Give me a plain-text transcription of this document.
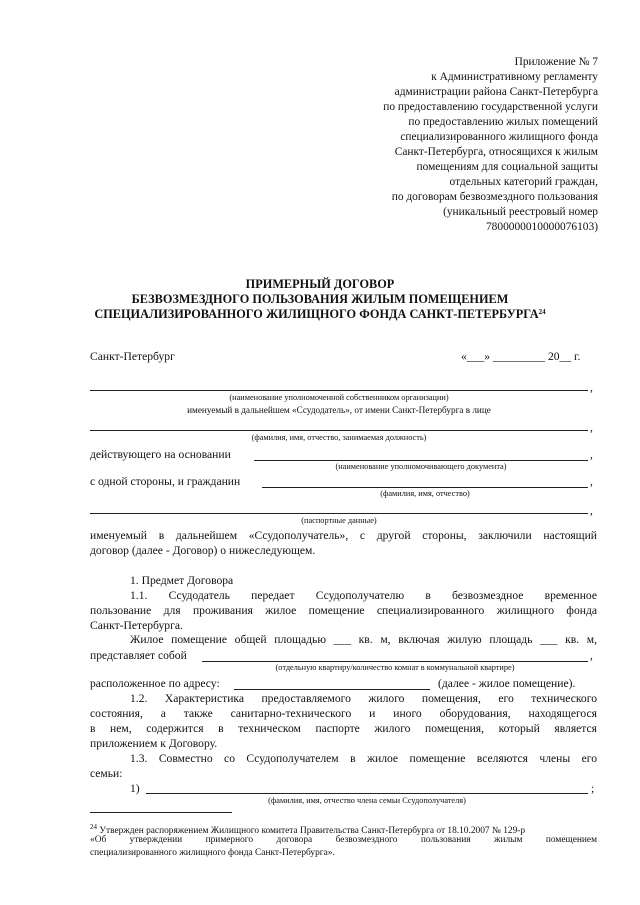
Приложение № 7
к Административному регламенту
администрации района Санкт-Петербурга
по предоставлению государственной услуги
по предоставлению жилых помещений
специализированного жилищного фонда
Санкт-Петербурга, относящихся к жилым
помещениям для социальной защиты
отдельных категорий граждан,
по договорам безвозмездного пользования
(уникальный реестровый номер
7800000010000076103)
ПРИМЕРНЫЙ ДОГОВОР
БЕЗВОЗМЕЗДНОГО ПОЛЬЗОВАНИЯ ЖИЛЫМ ПОМЕЩЕНИЕМ
СПЕЦИАЛИЗИРОВАННОГО ЖИЛИЩНОГО ФОНДА САНКТ-ПЕТЕРБУРГА$^{24}$
Санкт-Петербург	«___» _________ 20__ г.
,
(наименование уполномоченной собственником организации)
именуемый в дальнейшем «Ссудодатель», от имени Санкт-Петербурга в лице
,
(фамилия, имя, отчество, занимаемая должность)
действующего на основании	,
(наименование уполномочивающего документа)
с одной стороны, и гражданин	,
(фамилия, имя, отчество)
,
(паспортные данные)
именуемый в дальнейшем «Ссудополучатель», с другой стороны, заключили настоящий
договор (далее - Договор) о нижеследующем.
1. Предмет Договора
1.1. Ссудодатель передает Ссудополучателю в безвозмездное временное
пользование для проживания жилое помещение специализированного жилищного фонда
Санкт-Петербурга.
Жилое помещение общей площадью ___ кв. м, включая жилую площадь ___ кв. м,
представляет собой	,
(отдельную квартиру/количество комнат в коммунальной квартире)
расположенное по адресу:	(далее - жилое помещение).
1.2. Характеристика предоставляемого жилого помещения, его технического
состояния, а также санитарно-технического и иного оборудования, находящегося
в нем, содержится в техническом паспорте жилого помещения, который является
приложением к Договору.
1.3. Совместно со Ссудополучателем в жилое помещение вселяются члены его
семьи:
1)	;
(фамилия, имя, отчество члена семьи Ссудополучателя)
$^{24}$ Утвержден распоряжением Жилищного комитета Правительства Санкт-Петербурга от 18.10.2007 № 129-р
«Об утверждении примерного договора безвозмездного пользования жилым помещением
специализированного жилищного фонда Санкт-Петербурга».
